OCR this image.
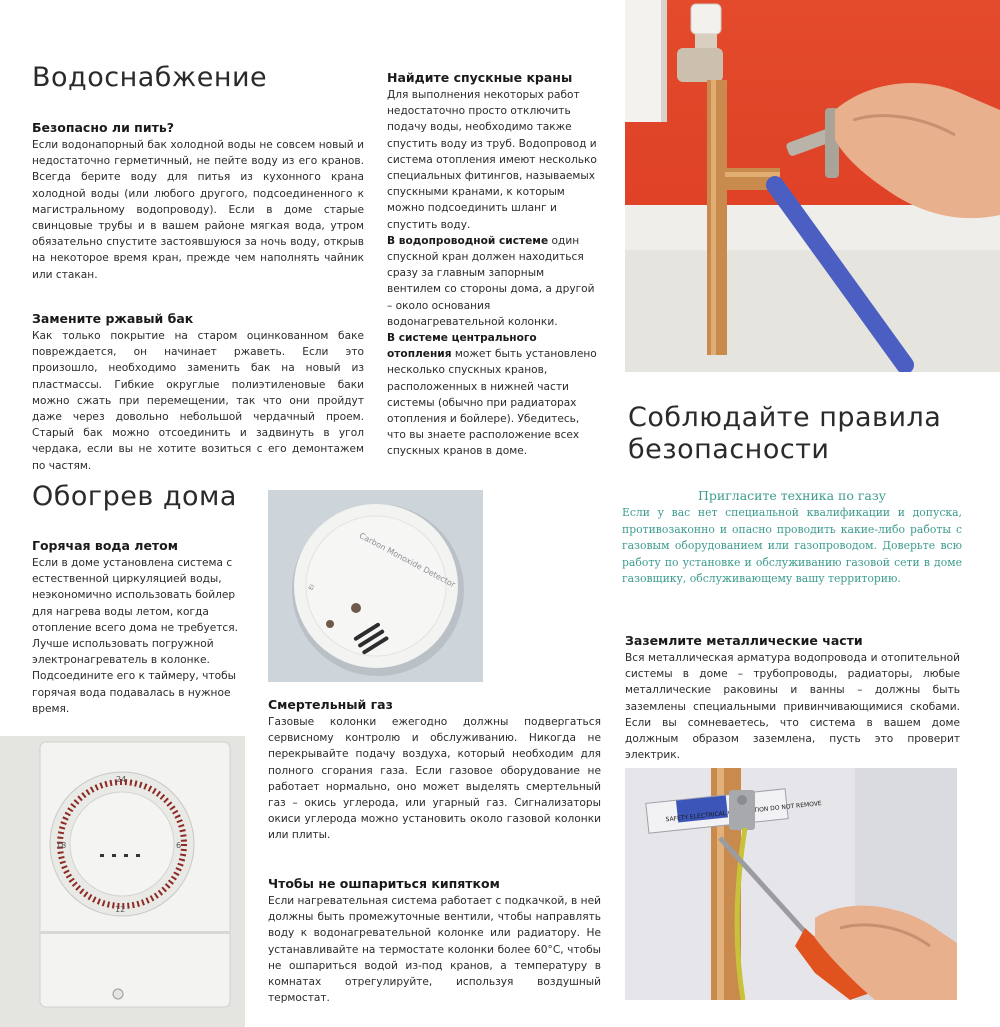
Водоснабжение
Безопасно ли пить?

Если водонапорный бак холодной воды не совсем новый и недостаточно герметичный, не пейте воду из его кранов. Всегда берите воду для питья из кухонного крана холодной воды (или любого другого, подсоединенного к магистральному водопроводу). Если в доме старые свинцовые трубы и в вашем районе мягкая вода, утром обязательно спустите застоявшуюся за ночь воду, открыв на некоторое время кран, прежде чем наполнять чайник или стакан.

Замените ржавый бак

Как только покрытие на старом оцинкованном баке повреждается, он начинает ржаветь. Если это произошло, необходимо заменить бак на новый из пластмассы. Гибкие округлые полиэтиленовые баки можно сжать при перемещении, так что они пройдут даже через довольно небольшой чердачный проем. Старый бак можно отсоединить и задвинуть в угол чердака, если вы не хотите возиться с его демонтажем по частям.

Найдите спускные краны

Для выполнения некоторых работ недостаточно просто отключить подачу воды, необходимо также спустить воду из труб. Водопровод и система отопления имеют несколько специальных фитингов, называемых спускными кранами, к которым можно подсоединить шланг и спустить воду.

В водопроводной системе один спускной кран должен находиться сразу за главным запорным вентилем со стороны дома, а другой – около основания водонагревательной колонки.

В системе центрального отопления может быть установлено несколько спускных кранов, расположенных в нижней части системы (обычно при радиаторах отопления и бойлере). Убедитесь, что вы знаете расположение всех спускных кранов в доме.

Соблюдайте правила
безопасности
Пригласите техника по газу

Если у вас нет специальной квалификации и допуска, противозаконно и опасно проводить какие-либо работы с газовым оборудованием или газопроводом. Доверьте всю работу по установке и обслуживанию газовой сети в доме газовщику, обслуживающему вашу территорию.

Заземлите металлические части

Вся металлическая арматура водопровода и отопительной системы в доме – трубопроводы, радиаторы, любые металлические раковины и ванны – должны быть заземлены специальными привинчивающимися скобами. Если вы сомневаетесь, что система в вашем доме должным образом заземлена, пусть это проверит электрик.

SAFETY ELECTRICAL DO NOT REMOVE
Обогрев дома
Горячая вода летом

Если в доме установлена система с естественной циркуляцией воды, неэкономично использовать бойлер для нагрева воды летом, когда отопление всего дома не требуется. Лучше использовать погружной электронагреватель в колонке. Подсоедините его к таймеру, чтобы горячая вода подавалась в нужное время.

Carbon Monoxide Detector
Ei
24
6
12
18
Смертельный газ

Газовые колонки ежегодно должны подвергаться сервисному контролю и обслуживанию. Никогда не перекрывайте подачу воздуха, который необходим для полного сгорания газа. Если газовое оборудование не работает нормально, оно может выделять смертельный газ – окись углерода, или угарный газ. Сигнализаторы окиси углерода можно установить около газовой колонки или плиты.

Чтобы не ошпариться кипятком

Если нагревательная система работает с подкачкой, в ней должны быть промежуточные вентили, чтобы направлять воду к водонагревательной колонке или радиатору. Не устанавливайте на термостате колонки более 60°C, чтобы не ошпариться водой из-под кранов, а температуру в комнатах отрегулируйте, используя воздушный термостат.
